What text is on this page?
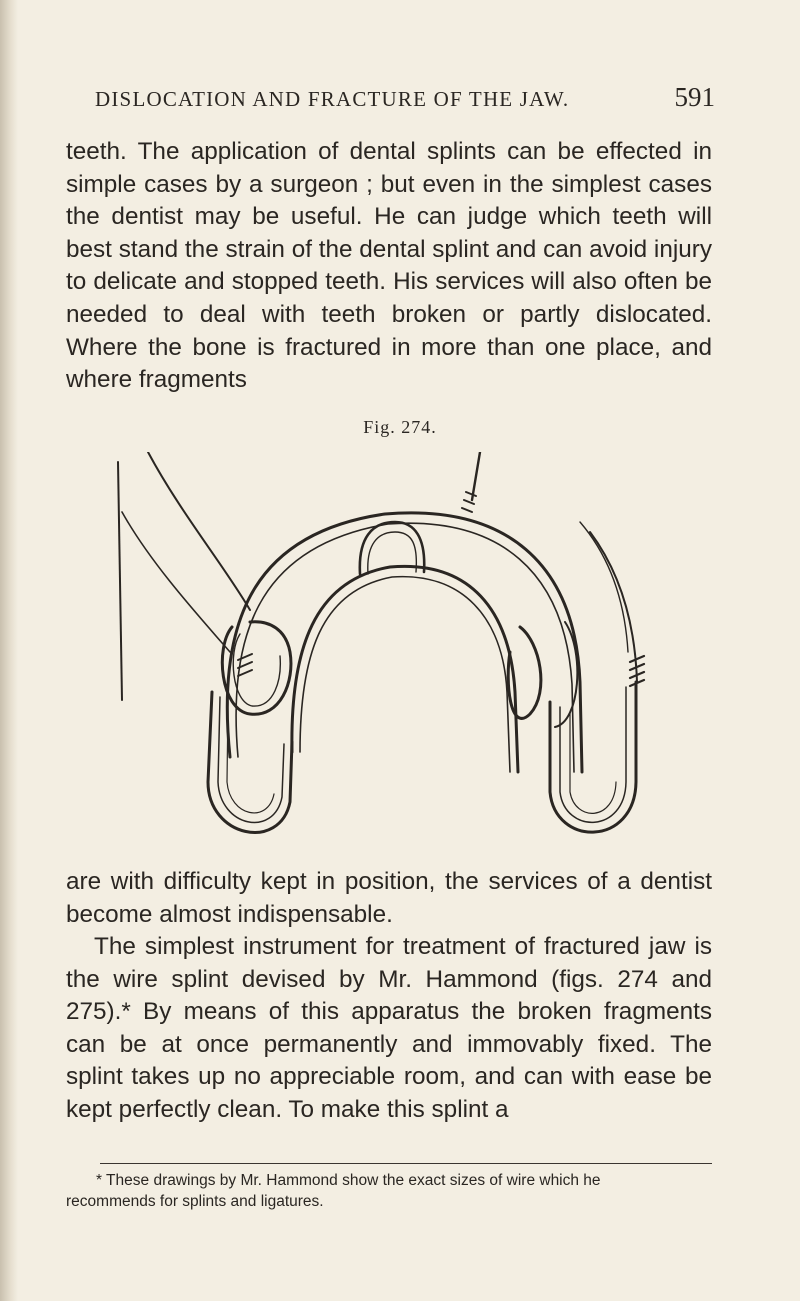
DISLOCATION AND FRACTURE OF THE JAW.	591

teeth. The application of dental splints can be effected in simple cases by a surgeon ; but even in the simplest cases the dentist may be useful. He can judge which teeth will best stand the strain of the dental splint and can avoid injury to delicate and stopped teeth. His services will also often be needed to deal with teeth broken or partly dislocated. Where the bone is fractured in more than one place, and where fragments

Fig. 274.

are with difficulty kept in position, the services of a dentist become almost indispensable.

The simplest instrument for treatment of fractured jaw is the wire splint devised by Mr. Hammond (figs. 274 and 275).* By means of this apparatus the broken fragments can be at once permanently and immovably fixed. The splint takes up no appreciable room, and can with ease be kept perfectly clean. To make this splint a

* These drawings by Mr. Hammond show the exact sizes of wire which he
recommends for splints and ligatures.
